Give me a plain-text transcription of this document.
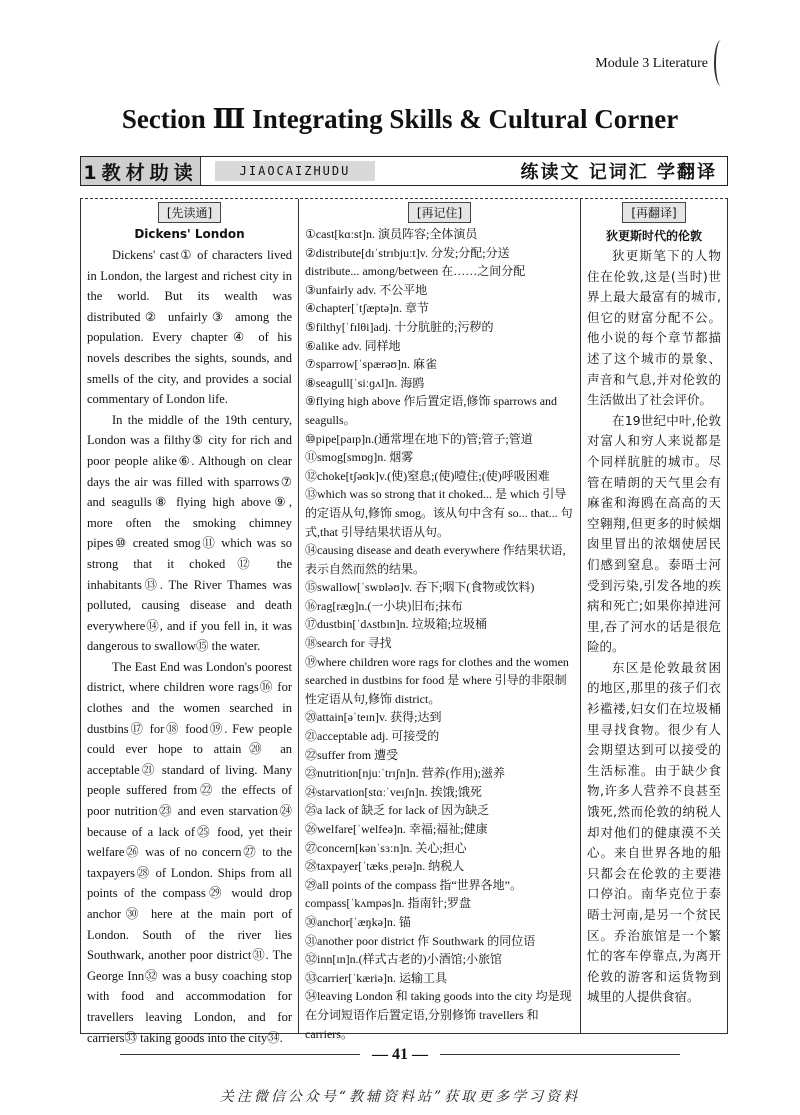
Module 3 Literature
Section Ⅲ Integrating Skills & Cultural Corner
1教材助读	JIAOCAIZHUDU	练读文 记词汇 学翻译
[先读通]
Dickens' London

Dickens' cast① of characters lived in London, the largest and richest city in the world. But its wealth was distributed② unfairly③ among the population. Every chapter④ of his novels describes the sights, sounds, and smells of the city, and provides a social commentary of London life.

In the middle of the 19th century, London was a filthy⑤ city for rich and poor people alike⑥. Although on clear days the air was filled with sparrows⑦ and seagulls⑧ flying high above⑨, more often the smoking chimney pipes⑩ created smog⑪ which was so strong that it choked⑫ the inhabitants⑬. The River Thames was polluted, causing disease and death everywhere⑭, and if you fell in, it was dangerous to swallow⑮ the water.

The East End was London's poorest district, where children wore rags⑯ for clothes and the women searched in dustbins⑰ for⑱ food⑲. Few people could ever hope to attain⑳ an acceptable㉑ standard of living. Many people suffered from㉒ the effects of poor nutrition㉓ and even starvation㉔ because of a lack of㉕ food, yet their welfare㉖ was of no concern㉗ to the taxpayers㉘ of London. Ships from all points of the compass㉙ would drop anchor㉚ here at the main port of London. South of the river lies Southwark, another poor district㉛. The George Inn㉜ was a busy coaching stop with food and accommodation for travellers leaving London, and for carriers㉝ taking goods into the city㉞.

[再记住]
①cast[kɑːst]n. 演员阵容;全体演员
②distribute[dɪˈstrɪbjuːt]v. 分发;分配;分送
distribute... among/between 在……之间分配
③unfairly adv. 不公平地
④chapter[ˈtʃæptə]n. 章节
⑤filthy[ˈfɪlθi]adj. 十分肮脏的;污秽的
⑥alike adv. 同样地
⑦sparrow[ˈspærəʊ]n. 麻雀
⑧seagull[ˈsiːɡʌl]n. 海鸥
⑨flying high above 作后置定语,修饰 sparrows and seagulls。
⑩pipe[paɪp]n.(通常埋在地下的)管;管子;管道
⑪smog[smɒɡ]n. 烟雾
⑫choke[tʃəʊk]v.(使)窒息;(使)噎住;(使)呼吸困难
⑬which was so strong that it choked... 是 which 引导的定语从句,修饰 smog。该从句中含有 so... that... 句式,that 引导结果状语从句。
⑭causing disease and death everywhere 作结果状语,表示自然而然的结果。
⑮swallow[ˈswɒləʊ]v. 吞下;咽下(食物或饮料)
⑯rag[ræɡ]n.(一小块)旧布;抹布
⑰dustbin[ˈdʌstbɪn]n. 垃圾箱;垃圾桶
⑱search for 寻找
⑲where children wore rags for clothes and the women searched in dustbins for food 是 where 引导的非限制性定语从句,修饰 district。
⑳attain[əˈteɪn]v. 获得;达到
㉑acceptable adj. 可接受的
㉒suffer from 遭受
㉓nutrition[njuːˈtrɪʃn]n. 营养(作用);滋养
㉔starvation[stɑːˈveɪʃn]n. 挨饿;饿死
㉕a lack of 缺乏 for lack of 因为缺乏
㉖welfare[ˈwelfeə]n. 幸福;福祉;健康
㉗concern[kənˈsɜːn]n. 关心;担心
㉘taxpayer[ˈtæksˌpeɪə]n. 纳税人
㉙all points of the compass 指“世界各地”。compass[ˈkʌmpəs]n. 指南针;罗盘
㉚anchor[ˈæŋkə]n. 锚
㉛another poor district 作 Southwark 的同位语
㉜inn[ɪn]n.(样式古老的)小酒馆;小旅馆
㉝carrier[ˈkæriə]n. 运输工具
㉞leaving London 和 taking goods into the city 均是现在分词短语作后置定语,分别修饰 travellers 和 carriers。
[再翻译]
狄更斯时代的伦敦

狄更斯笔下的人物住在伦敦,这是(当时)世界上最大最富有的城市,但它的财富分配不公。他小说的每个章节都描述了这个城市的景象、声音和气息,并对伦敦的生活做出了社会评价。

在19世纪中叶,伦敦对富人和穷人来说都是个同样肮脏的城市。尽管在晴朗的天气里会有麻雀和海鸥在高高的天空翱翔,但更多的时候烟囱里冒出的浓烟使居民们感到窒息。泰晤士河受到污染,引发各地的疾病和死亡;如果你掉进河里,吞了河水的话是很危险的。

东区是伦敦最贫困的地区,那里的孩子们衣衫褴褛,妇女们在垃圾桶里寻找食物。很少有人会期望达到可以接受的生活标准。由于缺少食物,许多人营养不良甚至饿死,然而伦敦的纳税人却对他们的健康漠不关心。来自世界各地的船只都会在伦敦的主要港口停泊。南华克位于泰晤士河南,是另一个贫民区。乔治旅馆是一个繁忙的客车停靠点,为离开伦敦的游客和运货物到城里的人提供食宿。

— 41 —
关注微信公众号“教辅资料站”获取更多学习资料
